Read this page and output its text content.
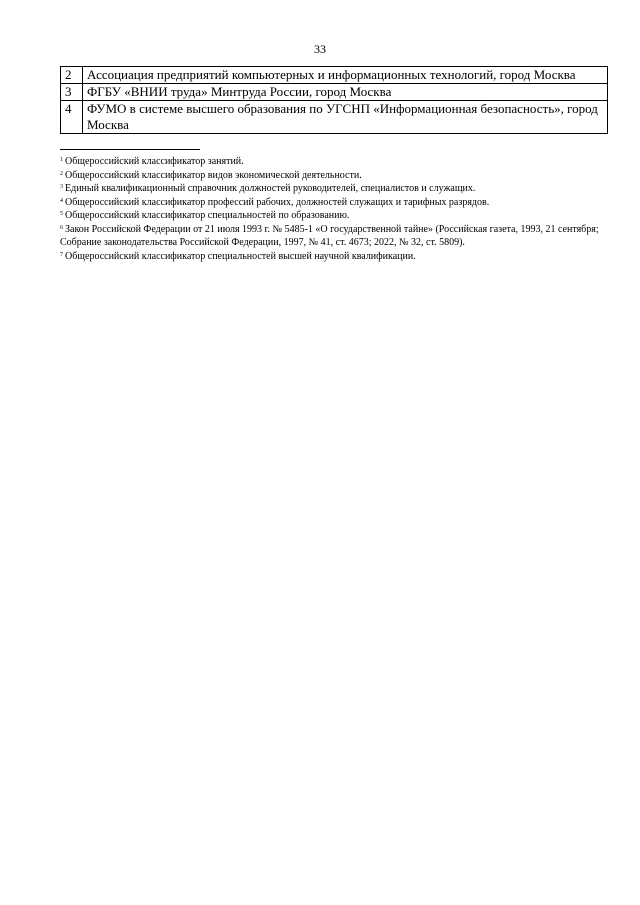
33
2	Ассоциация предприятий компьютерных и информационных технологий, город Москва
3	ФГБУ «ВНИИ труда» Минтруда России, город Москва
4	ФУМО в системе высшего образования по УГСНП «Информационная безопасность», город Москва

$^1$ Общероссийский классификатор занятий.

$^2$ Общероссийский классификатор видов экономической деятельности.

$^3$ Единый квалификационный справочник должностей руководителей, специалистов и служащих.

$^4$ Общероссийский классификатор профессий рабочих, должностей служащих и тарифных разрядов.

$^5$ Общероссийский классификатор специальностей по образованию.

$^6$ Закон Российской Федерации от 21 июля 1993 г. № 5485-1 «О государственной тайне» (Российская газета, 1993, 21 сентября; Собрание законодательства Российской Федерации, 1997, № 41, ст. 4673; 2022, № 32, ст. 5809).

$^7$ Общероссийский классификатор специальностей высшей научной квалификации.
